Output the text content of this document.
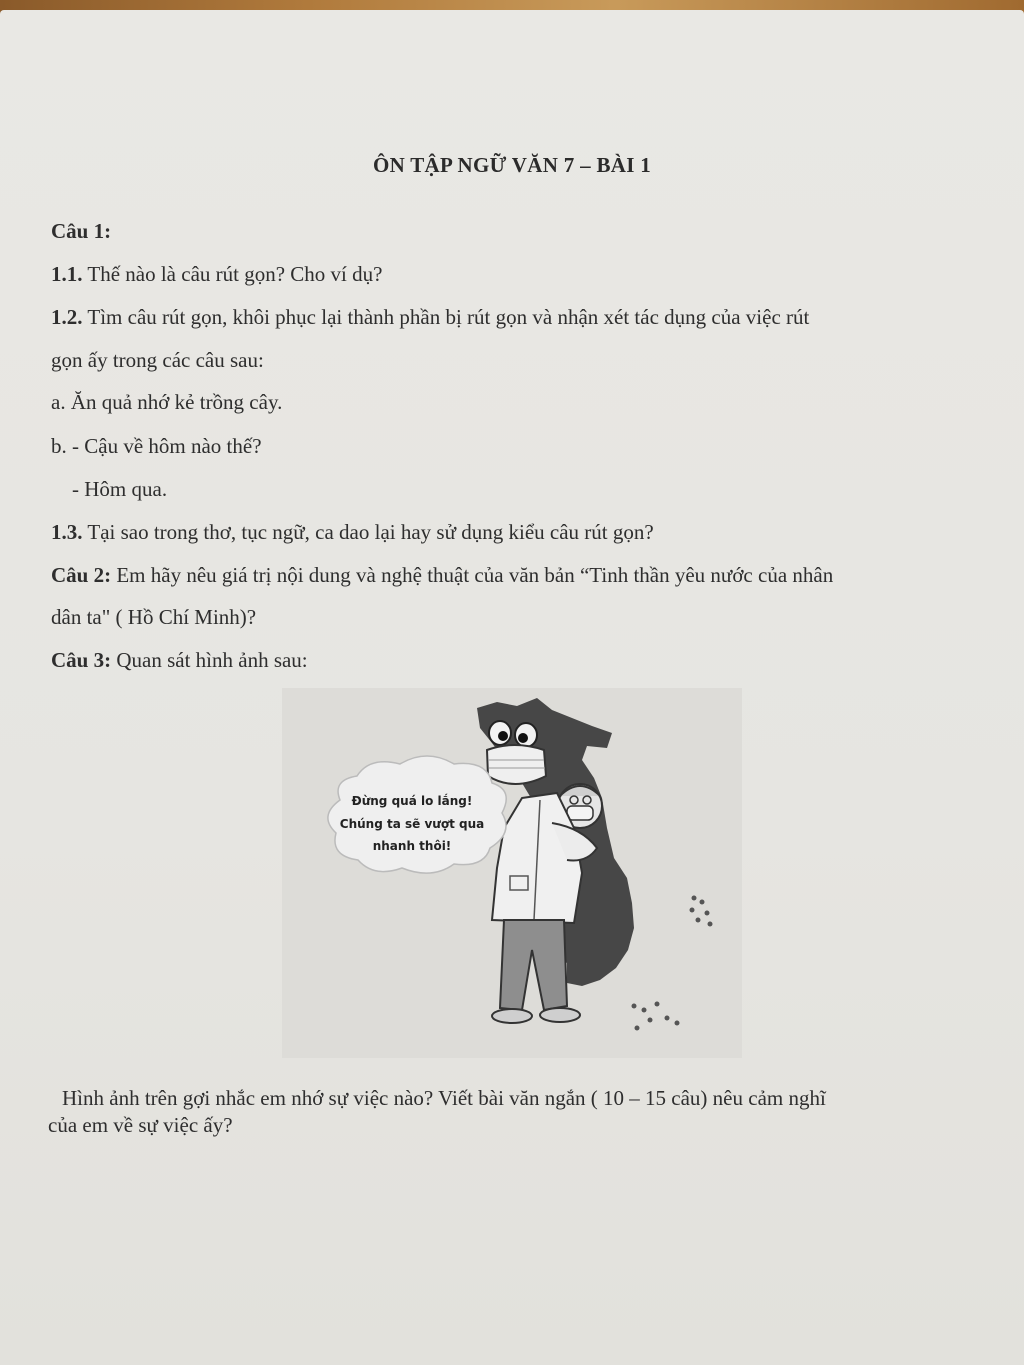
ÔN TẬP NGỮ VĂN 7 – BÀI 1
Câu 1:
1.1. Thế nào là câu rút gọn? Cho ví dụ?
1.2. Tìm câu rút gọn, khôi phục lại thành phần bị rút gọn và nhận xét tác dụng của việc rút
gọn ấy trong các câu sau:
a. Ăn quả nhớ kẻ trồng cây.
b. - Cậu về hôm nào thế?
- Hôm qua.
1.3. Tại sao trong thơ, tục ngữ, ca dao lại hay sử dụng kiểu câu rút gọn?
Câu 2: Em hãy nêu giá trị nội dung và nghệ thuật của văn bản “Tinh thần yêu nước của nhân
dân ta" ( Hồ Chí Minh)?
Câu 3: Quan sát hình ảnh sau:
Đừng quá lo lắng!
Chúng ta sẽ vượt qua
nhanh thôi!
Hình ảnh trên gợi nhắc em nhớ sự việc nào? Viết bài văn ngắn ( 10 – 15 câu) nêu cảm nghĩ
của em về sự việc ấy?
